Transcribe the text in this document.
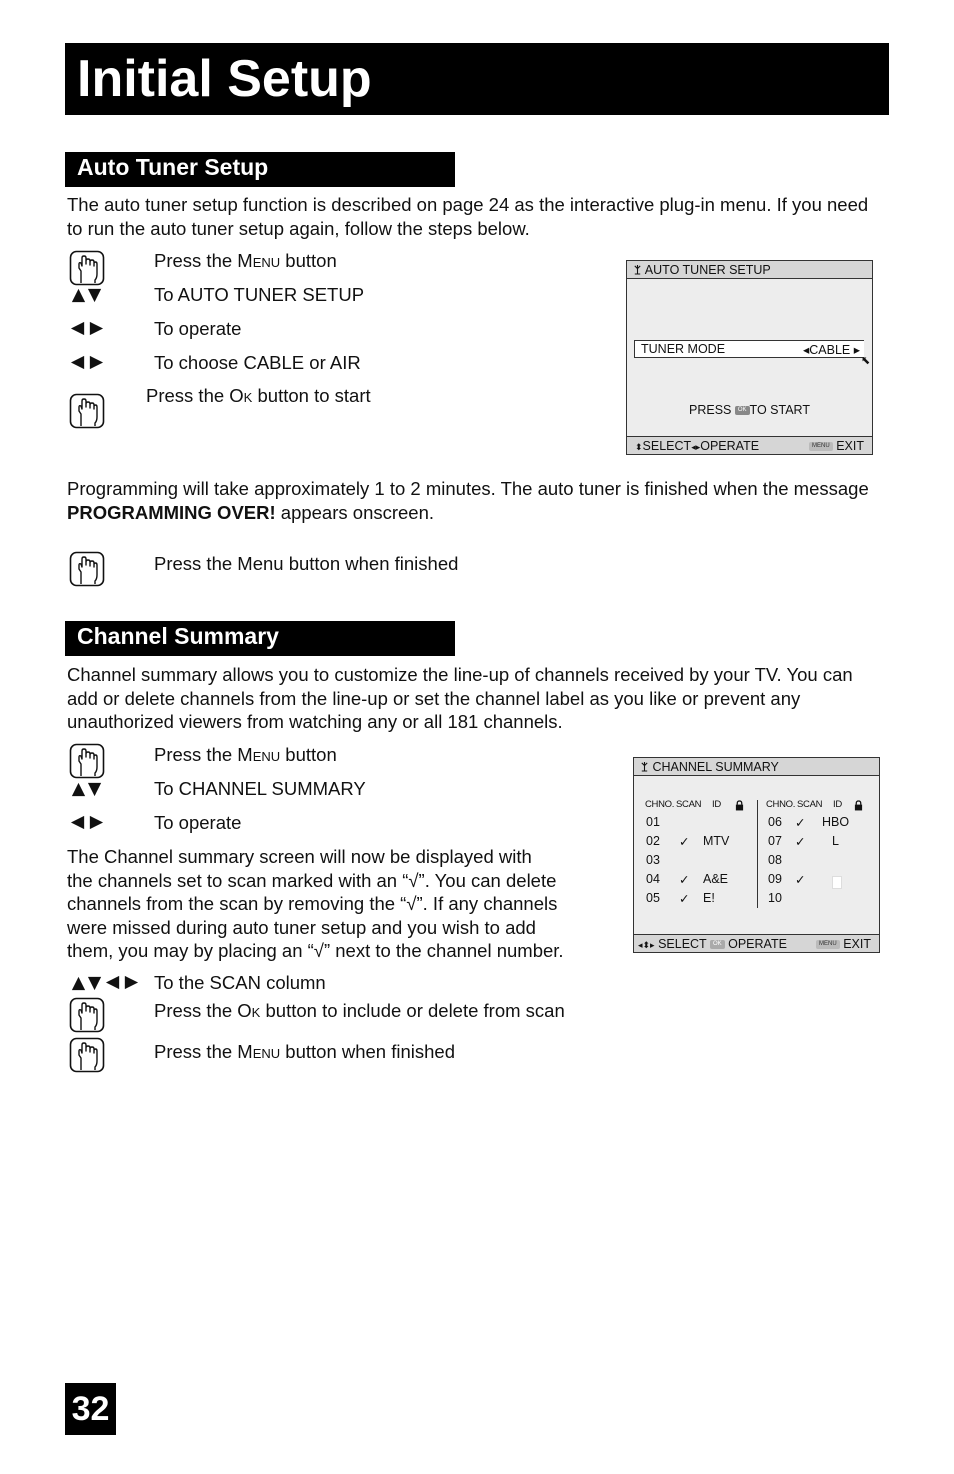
Initial Setup
Auto Tuner Setup
The auto tuner setup function is described on page 24 as the interactive plug-in menu. If you need to run the auto tuner setup again, follow the steps below.
Press the Menu button
To AUTO TUNER SETUP
To operate
To choose CABLE or AIR
Press the Ok button to start
AUTO TUNER SETUP
TUNER MODE	◂CABLE ▸
⬉
PRESS OK TO START
⬍SELECT◂▸OPERATE	MENU EXIT
Programming will take approximately 1 to 2 minutes. The auto tuner is finished when the message PROGRAMMING OVER! appears onscreen.
Press the Menu button when finished
Channel Summary
Channel summary allows you to customize the line-up of channels received by your TV. You can add or delete channels from the line-up or set the channel label as you like or prevent any unauthorized viewers from watching any or all 181 channels.
Press the Menu button
To CHANNEL SUMMARY
To operate
The Channel summary screen will now be displayed with
the channels set to scan marked with an “√”. You can delete
channels from the scan by removing the “√”. If any channels
were missed during auto tuner setup and you wish to add
them, you may by placing an “√” next to the channel number.
To the SCAN column
Press the Ok button to include or delete from scan
Press the Menu button when finished
CHANNEL SUMMARY
CHNO. SCAN ID	CHNO. SCAN ID
01
02 ✓ MTV
03
04 ✓ A&E
05 ✓ E!
06 ✓ HBO
07 ✓ L
08
09 ✓
10
◂⬍▸ SELECT OK OPERATE	MENU EXIT
32
